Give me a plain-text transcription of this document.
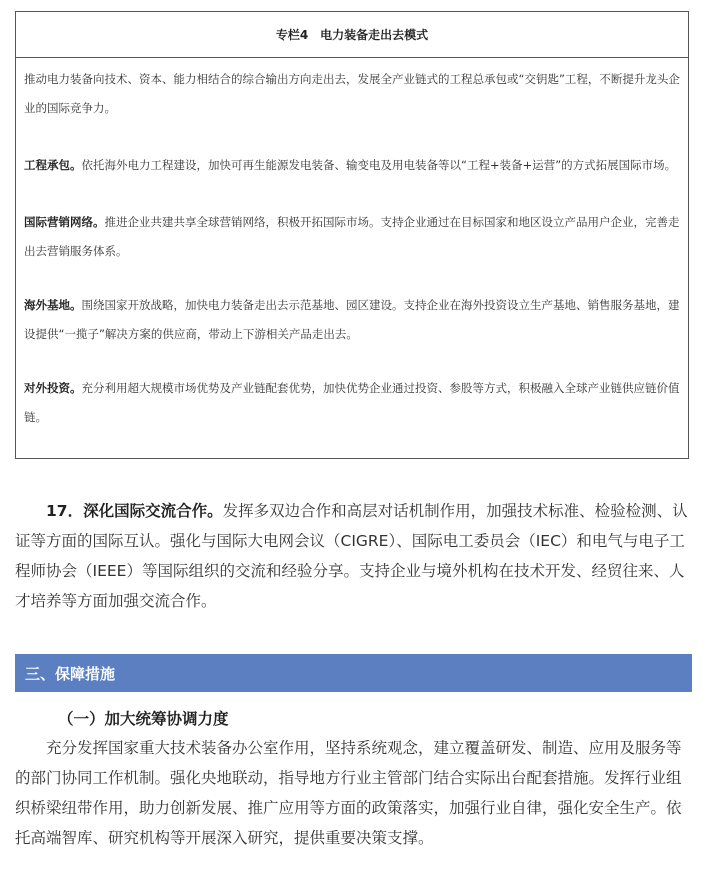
专栏4　电力装备走出去模式

推动电力装备向技术、资本、能力相结合的综合输出方向走出去，发展全产业链式的工程总承包或“交钥匙”工程，不断提升龙头企业的国际竞争力。

工程承包。依托海外电力工程建设，加快可再生能源发电装备、输变电及用电装备等以“工程+装备+运营”的方式拓展国际市场。

国际营销网络。推进企业共建共享全球营销网络，积极开拓国际市场。支持企业通过在目标国家和地区设立产品用户企业，完善走出去营销服务体系。

海外基地。围绕国家开放战略，加快电力装备走出去示范基地、园区建设。支持企业在海外投资设立生产基地、销售服务基地，建设提供“一揽子”解决方案的供应商，带动上下游相关产品走出去。

对外投资。充分利用超大规模市场优势及产业链配套优势，加快优势企业通过投资、参股等方式，积极融入全球产业链供应链价值链。

17．深化国际交流合作。发挥多双边合作和高层对话机制作用，加强技术标准、检验检测、认证等方面的国际互认。强化与国际大电网会议（CIGRE）、国际电工委员会（IEC）和电气与电子工程师协会（IEEE）等国际组织的交流和经验分享。支持企业与境外机构在技术开发、经贸往来、人才培养等方面加强交流合作。
三、保障措施
（一）加大统筹协调力度
充分发挥国家重大技术装备办公室作用，坚持系统观念，建立覆盖研发、制造、应用及服务等的部门协同工作机制。强化央地联动，指导地方行业主管部门结合实际出台配套措施。发挥行业组织桥梁纽带作用，助力创新发展、推广应用等方面的政策落实，加强行业自律，强化安全生产。依托高端智库、研究机构等开展深入研究，提供重要决策支撑。
